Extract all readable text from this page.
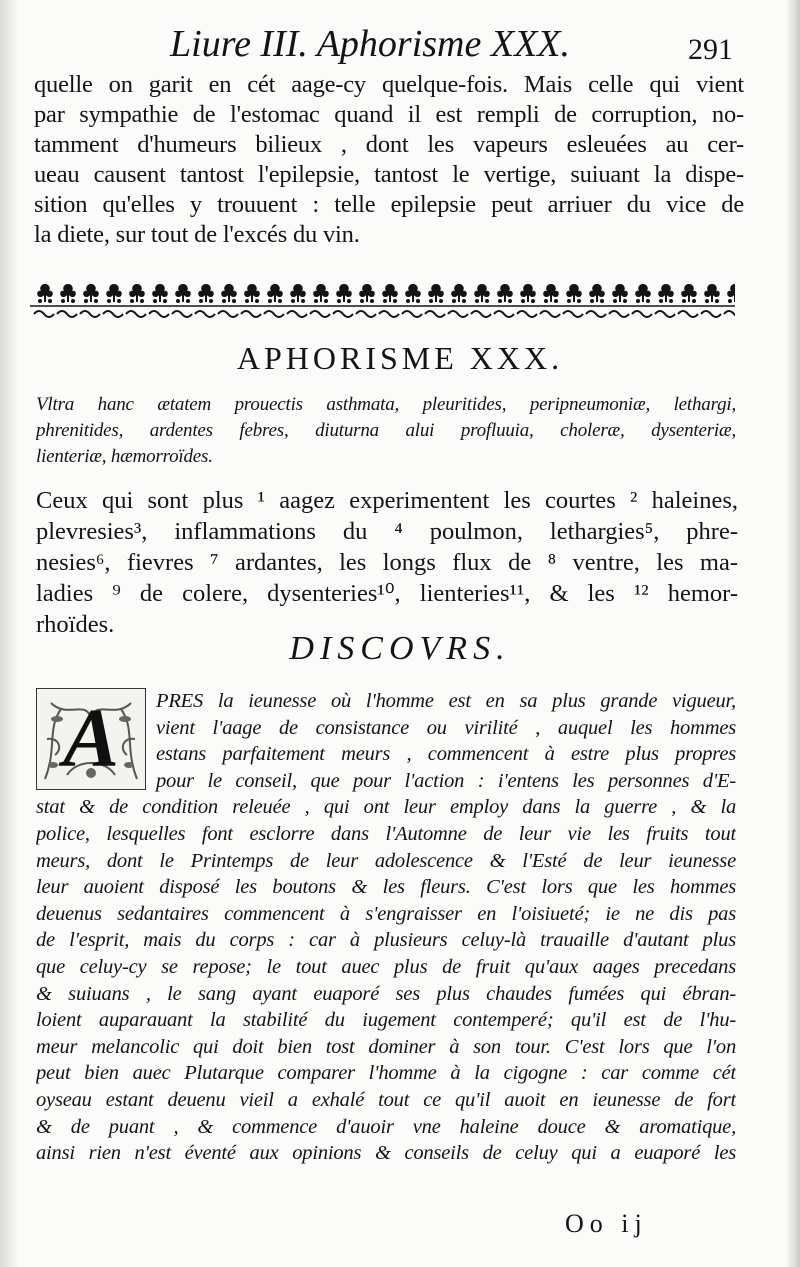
Liure III. Aphorisme XXX.	291
quelle on garit en cét aage-cy quelque-fois. Mais celle qui vient
par sympathie de l'estomac quand il est rempli de corruption, no-
tamment d'humeurs bilieux , dont les vapeurs esleuées au cer-
ueau causent tantost l'epilepsie, tantost le vertige, suiuant la dispe-
sition qu'elles y trouuent : telle epilepsie peut arriuer du vice de
la diete, sur tout de l'excés du vin.
APHORISME XXX.
Vltra hanc ætatem prouectis asthmata, pleuritides, peripneumoniæ, lethargi,
phrenitides, ardentes febres, diuturna alui profluuia, choleræ, dysenteriæ,
lienteriæ, hæmorroïdes.
Ceux qui sont plus ¹ aagez experimentent les courtes ² haleines,
plevresies³, inflammations du ⁴ poulmon, lethargies⁵, phre-
nesies⁶, fievres ⁷ ardantes, les longs flux de ⁸ ventre, les ma-
ladies ⁹ de colere, dysenteries¹⁰, lienteries¹¹, & les ¹² hemor-
rhoïdes.
DISCOVRS.
A	PRES la ieunesse où l'homme est en sa plus grande vigueur,
vient l'aage de consistance ou virilité , auquel les hommes
estans parfaitement meurs , commencent à estre plus propres
pour le conseil, que pour l'action : i'entens les personnes d'E-
stat & de condition releuée , qui ont leur employ dans la guerre , & la
police, lesquelles font esclorre dans l'Automne de leur vie les fruits tout
meurs, dont le Printemps de leur adolescence & l'Esté de leur ieunesse
leur auoient disposé les boutons & les fleurs. C'est lors que les hommes
deuenus sedantaires commencent à s'engraisser en l'oisiueté; ie ne dis pas
de l'esprit, mais du corps : car à plusieurs celuy-là trauaille d'autant plus
que celuy-cy se repose; le tout auec plus de fruit qu'aux aages precedans
& suiuans , le sang ayant euaporé ses plus chaudes fumées qui ébran-
loient auparauant la stabilité du iugement contemperé; qu'il est de l'hu-
meur melancolic qui doit bien tost dominer à son tour. C'est lors que l'on
peut bien auec Plutarque comparer l'homme à la cigogne : car comme cét
oyseau estant deuenu vieil a exhalé tout ce qu'il auoit en ieunesse de fort
& de puant , & commence d'auoir vne haleine douce & aromatique,
ainsi rien n'est éventé aux opinions & conseils de celuy qui a euaporé les
Oo ij
